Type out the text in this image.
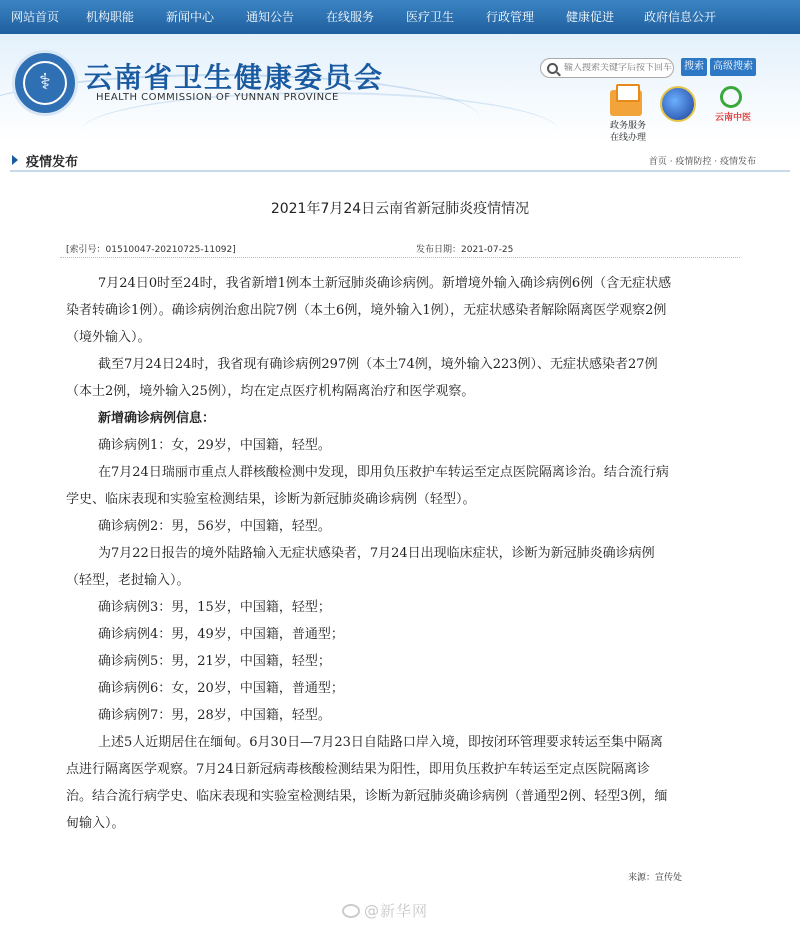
网站首页	机构职能	新闻中心	通知公告	在线服务	医疗卫生	行政管理	健康促进	政府信息公开
⚕	云南省卫生健康委员会
HEALTH COMMISSION OF YUNNAN PROVINCE
输入搜索关键字后按下回车
搜索 高级搜索
政务服务
在线办理
云南中医
疫情发布	首页 · 疫情防控 · 疫情发布
2021年7月24日云南省新冠肺炎疫情情况
[索引号：01510047-20210725-11092]	发布日期：2021-07-25

7月24日0时至24时，我省新增1例本土新冠肺炎确诊病例。新增境外输入确诊病例6例（含无症状感染者转确诊1例）。确诊病例治愈出院7例（本土6例，境外输入1例），无症状感染者解除隔离医学观察2例（境外输入）。

截至7月24日24时，我省现有确诊病例297例（本土74例，境外输入223例）、无症状感染者27例（本土2例，境外输入25例），均在定点医疗机构隔离治疗和医学观察。

新增确诊病例信息：

确诊病例1：女，29岁，中国籍，轻型。

在7月24日瑞丽市重点人群核酸检测中发现，即用负压救护车转运至定点医院隔离诊治。结合流行病学史、临床表现和实验室检测结果，诊断为新冠肺炎确诊病例（轻型）。

确诊病例2：男，56岁，中国籍，轻型。

为7月22日报告的境外陆路输入无症状感染者，7月24日出现临床症状，诊断为新冠肺炎确诊病例（轻型，老挝输入）。

确诊病例3：男，15岁，中国籍，轻型；

确诊病例4：男，49岁，中国籍，普通型；

确诊病例5：男，21岁，中国籍，轻型；

确诊病例6：女，20岁，中国籍，普通型；

确诊病例7：男，28岁，中国籍，轻型。

上述5人近期居住在缅甸。6月30日—7月23日自陆路口岸入境，即按闭环管理要求转运至集中隔离点进行隔离医学观察。7月24日新冠病毒核酸检测结果为阳性，即用负压救护车转运至定点医院隔离诊治。结合流行病学史、临床表现和实验室检测结果，诊断为新冠肺炎确诊病例（普通型2例、轻型3例，缅甸输入）。

来源：宣传处
@新华网
